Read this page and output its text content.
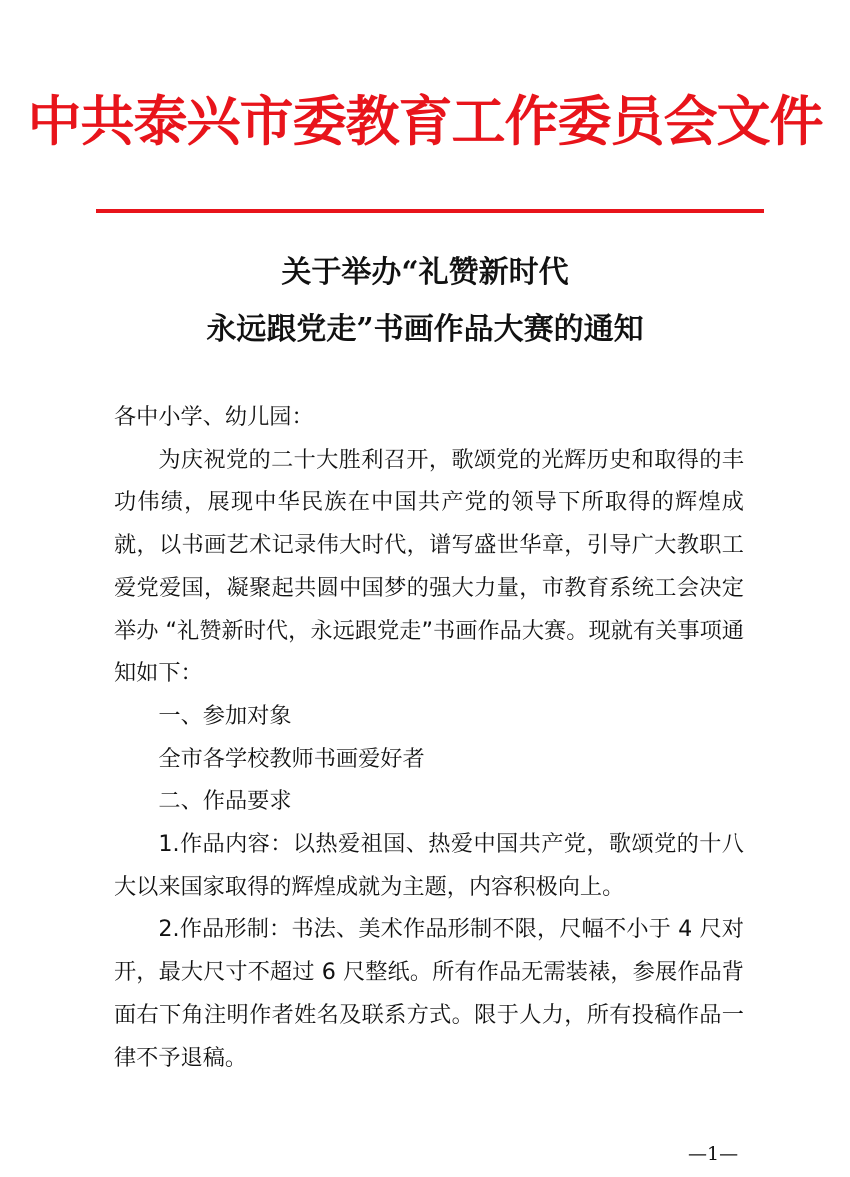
中共泰兴市委教育工作委员会文件
关于举办“礼赞新时代
永远跟党走”书画作品大赛的通知

各中小学、幼儿园：

为庆祝党的二十大胜利召开，歌颂党的光辉历史和取得的丰功伟绩，展现中华民族在中国共产党的领导下所取得的辉煌成就，以书画艺术记录伟大时代，谱写盛世华章，引导广大教职工爱党爱国，凝聚起共圆中国梦的强大力量，市教育系统工会决定举办 “礼赞新时代，永远跟党走”书画作品大赛。现就有关事项通知如下：

一、参加对象

全市各学校教师书画爱好者

二、作品要求

1.作品内容：以热爱祖国、热爱中国共产党，歌颂党的十八大以来国家取得的辉煌成就为主题，内容积极向上。

2.作品形制：书法、美术作品形制不限，尺幅不小于 4 尺对开，最大尺寸不超过 6 尺整纸。所有作品无需装裱，参展作品背面右下角注明作者姓名及联系方式。限于人力，所有投稿作品一律不予退稿。

—1—
